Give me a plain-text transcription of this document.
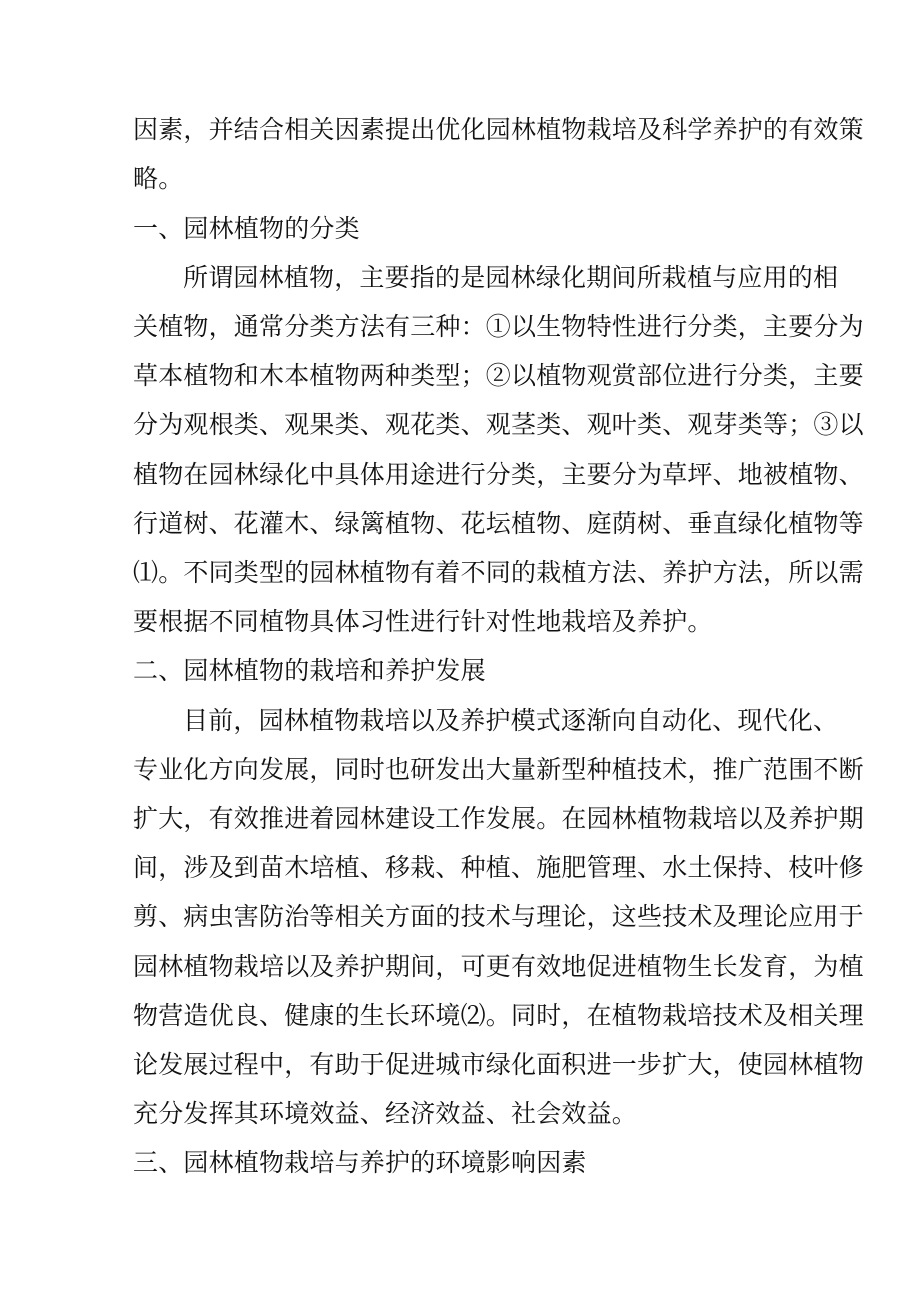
因素，并结合相关因素提出优化园林植物栽培及科学养护的有效策
略。
一、园林植物的分类
所谓园林植物，主要指的是园林绿化期间所栽植与应用的相
关植物，通常分类方法有三种：①以生物特性进行分类，主要分为
草本植物和木本植物两种类型；②以植物观赏部位进行分类，主要
分为观根类、观果类、观花类、观茎类、观叶类、观芽类等；③以
植物在园林绿化中具体用途进行分类，主要分为草坪、地被植物、
行道树、花灌木、绿篱植物、花坛植物、庭荫树、垂直绿化植物等
⑴。不同类型的园林植物有着不同的栽植方法、养护方法，所以需
要根据不同植物具体习性进行针对性地栽培及养护。
二、园林植物的栽培和养护发展
目前，园林植物栽培以及养护模式逐渐向自动化、现代化、
专业化方向发展，同时也研发出大量新型种植技术，推广范围不断
扩大，有效推进着园林建设工作发展。在园林植物栽培以及养护期
间，涉及到苗木培植、移栽、种植、施肥管理、水土保持、枝叶修
剪、病虫害防治等相关方面的技术与理论，这些技术及理论应用于
园林植物栽培以及养护期间，可更有效地促进植物生长发育，为植
物营造优良、健康的生长环境⑵。同时，在植物栽培技术及相关理
论发展过程中，有助于促进城市绿化面积进一步扩大，使园林植物
充分发挥其环境效益、经济效益、社会效益。
三、园林植物栽培与养护的环境影响因素
